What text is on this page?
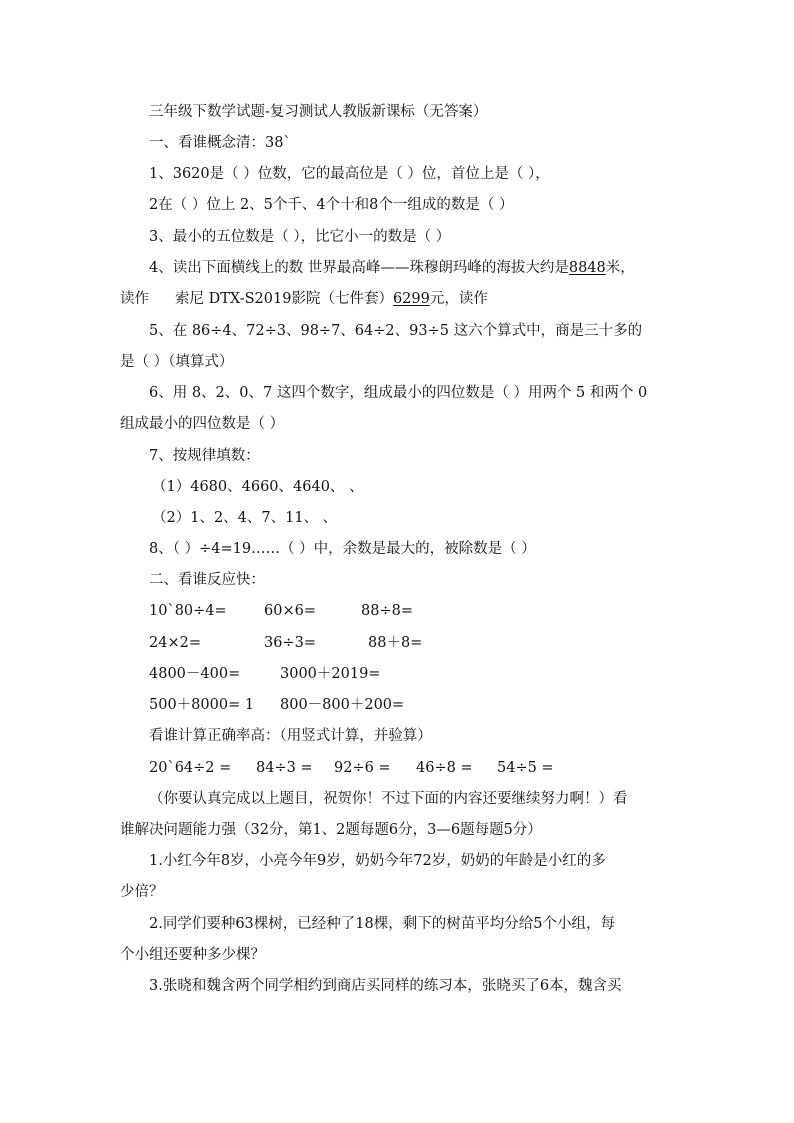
三年级下数学试题-复习测试人教版新课标（无答案）
一、看谁概念清：38`
1、3620是（ ）位数，它的最高位是（ ）位，首位上是（ ），
2在（ ）位上 2、5个千、4个十和8个一组成的数是（ ）
3、最小的五位数是（ ），比它小一的数是（ ）
4、读出下面横线上的数 世界最高峰——珠穆朗玛峰的海拔大约是8848米，
读作 索尼 DTX-S2019影院（七件套）6299元，读作
5、在 86÷4、72÷3、98÷7、64÷2、93÷5 这六个算式中，商是三十多的
是（ ）（填算式）
6、用 8、2、0、7 这四个数字，组成最小的四位数是（ ）用两个 5 和两个 0
组成最小的四位数是（ ）
7、按规律填数：
（1）4680、4660、4640、 、
（2）1、2、4、7、11、 、
8、（ ）÷4=19……（ ）中，余数是最大的，被除数是（ ）
二、看谁反应快：
10`80÷4=	60×6=	88÷8=
24×2=	36÷3=	88＋8=
4800－400=	3000＋2019=
500＋8000= 1 800－800＋200=
看谁计算正确率高：（用竖式计算，并验算）
20`64÷2 = 84÷3 = 92÷6 = 46÷8 = 54÷5 =
（你要认真完成以上题目，祝贺你！不过下面的内容还要继续努力啊！）看
谁解决问题能力强（32分，第1、2题每题6分，3—6题每题5分）
1.小红今年8岁，小亮今年9岁，奶奶今年72岁，奶奶的年龄是小红的多
少倍？
2.同学们要种63棵树，已经种了18棵，剩下的树苗平均分给5个小组，每
个小组还要种多少棵？
3.张晓和魏含两个同学相约到商店买同样的练习本，张晓买了6本，魏含买
